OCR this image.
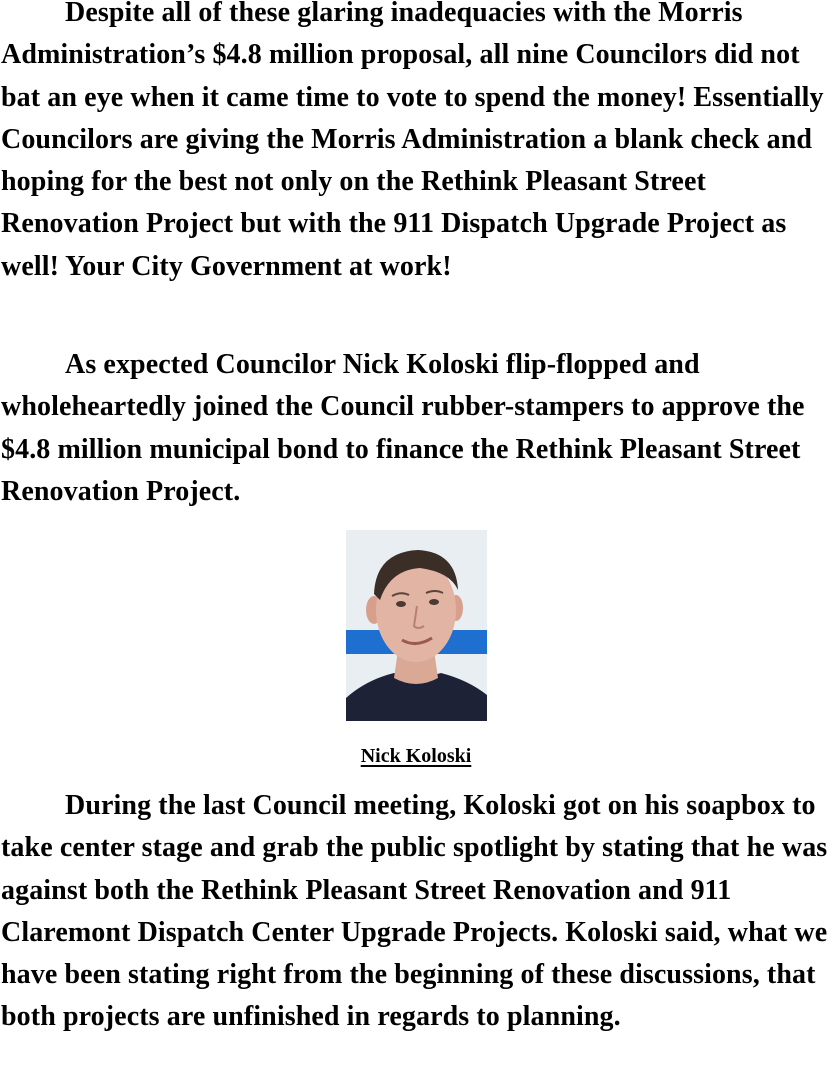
Despite all of these glaring inadequacies with the Morris Administration’s $4.8 million proposal, all nine Councilors did not bat an eye when it came time to vote to spend the money! Essentially Councilors are giving the Morris Administration a blank check and hoping for the best not only on the Rethink Pleasant Street Renovation Project but with the 911 Dispatch Upgrade Project as well! Your City Government at work!

As expected Councilor Nick Koloski flip-flopped and wholeheartedly joined the Council rubber-stampers to approve the $4.8 million municipal bond to finance the Rethink Pleasant Street Renovation Project.

Nick Koloski

During the last Council meeting, Koloski got on his soapbox to take center stage and grab the public spotlight by stating that he was against both the Rethink Pleasant Street Renovation and 911 Claremont Dispatch Center Upgrade Projects. Koloski said, what we have been stating right from the beginning of these discussions, that both projects are unfinished in regards to planning.
